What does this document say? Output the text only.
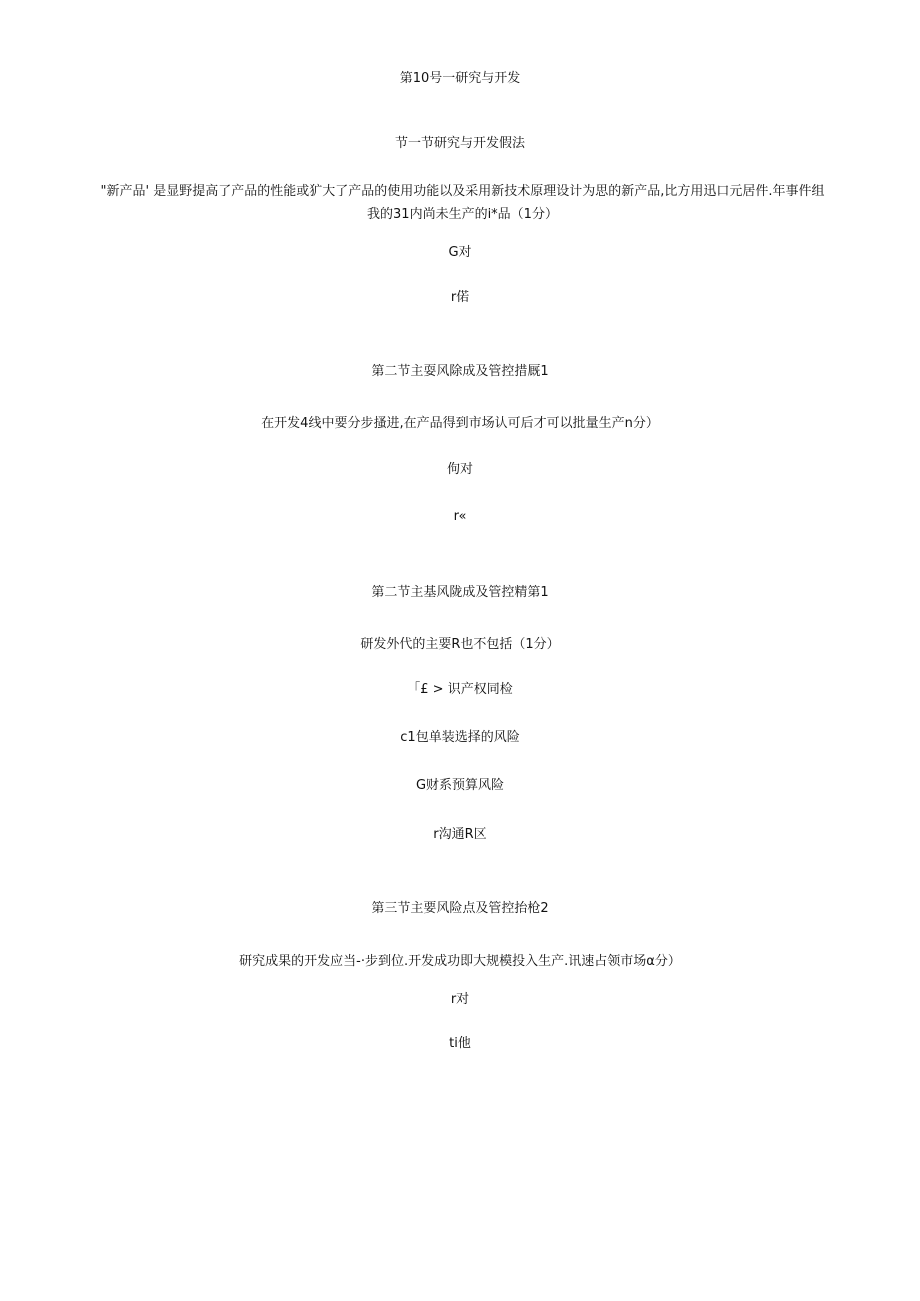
第10号一研究与开发
节一节研究与开发假法
"新产品' 是显野提高了产品的性能或犷大了产品的使用功能以及采用新技术原理设计为思的新产品,比方用迅口元居件.年事件组我的31内尚未生产的i*品（1分）
G对
r偌
第二节主耍风除成及管控措厩1
在开发4线中要分步搔进,在产品得到市场认可后才可以批量生产n分）
佝对
r«
第二节主基风陇成及管控精第1
研发外代的主要R也不包括（1分）
「£ > 识产权同检
c1包单装选择的风险
G财系预算风险
r沟通R区
第三节主要风险点及管控抬枪2
研究成果的开发应当-·步到位.开发成功即大规模投入生产.讯速占领市场α分）
r对
ti他
